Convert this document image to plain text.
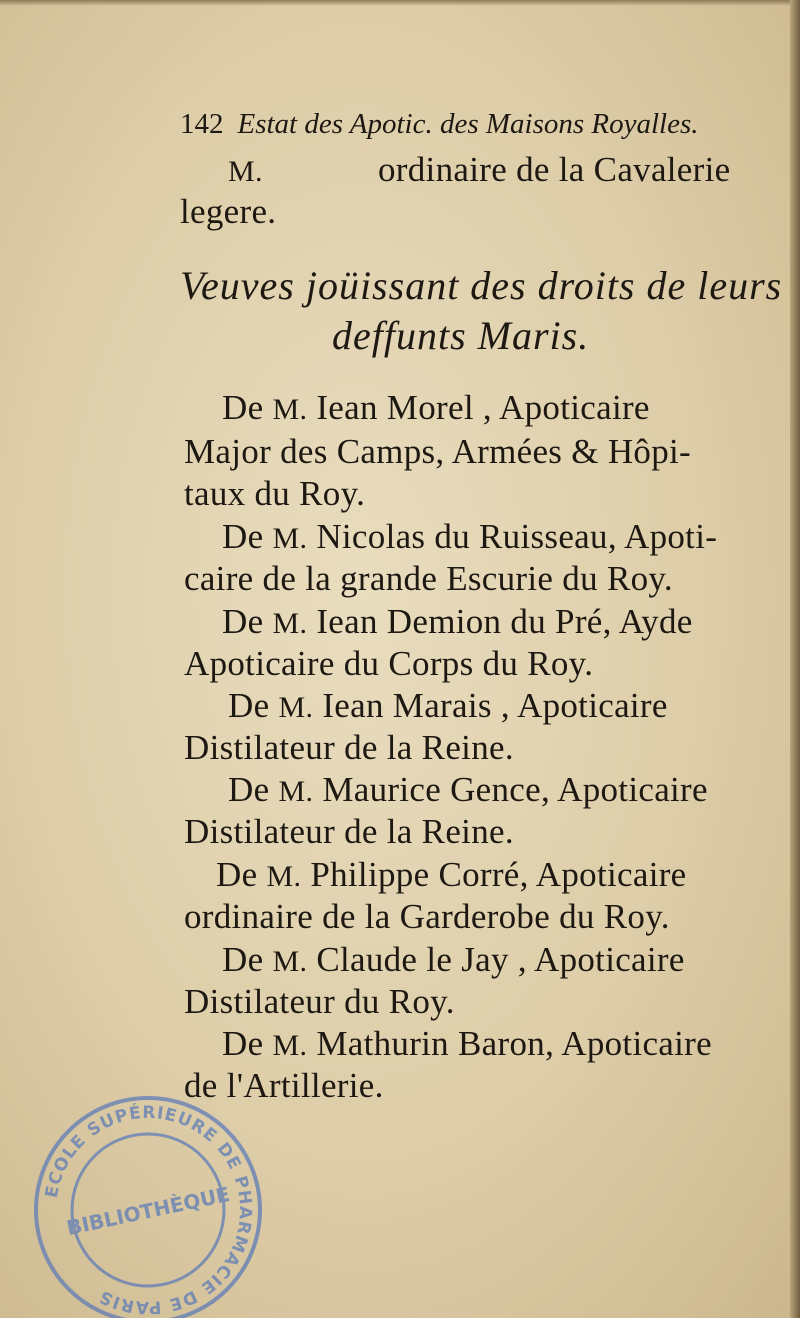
142 Estat des Apotic. des Maisons Royalles.
M.	ordinaire de la Cavalerie
legere.
Veuves joüissant des droits de leurs
deffunts Maris.
De M. Iean Morel , Apoticaire
Major des Camps, Armées & Hôpi-
taux du Roy.
De M. Nicolas du Ruisseau, Apoti-
caire de la grande Escurie du Roy.
De M. Iean Demion du Pré, Ayde
Apoticaire du Corps du Roy.
De M. Iean Marais , Apoticaire
Distilateur de la Reine.
De M. Maurice Gence, Apoticaire
Distilateur de la Reine.
De M. Philippe Corré, Apoticaire
ordinaire de la Garderobe du Roy.
De M. Claude le Jay , Apoticaire
Distilateur du Roy.
De M. Mathurin Baron, Apoticaire
de l'Artillerie.
ECOLE SUPÉRIEURE DE PHARMACIE DE PARIS
BIBLIOTHÈQUE
